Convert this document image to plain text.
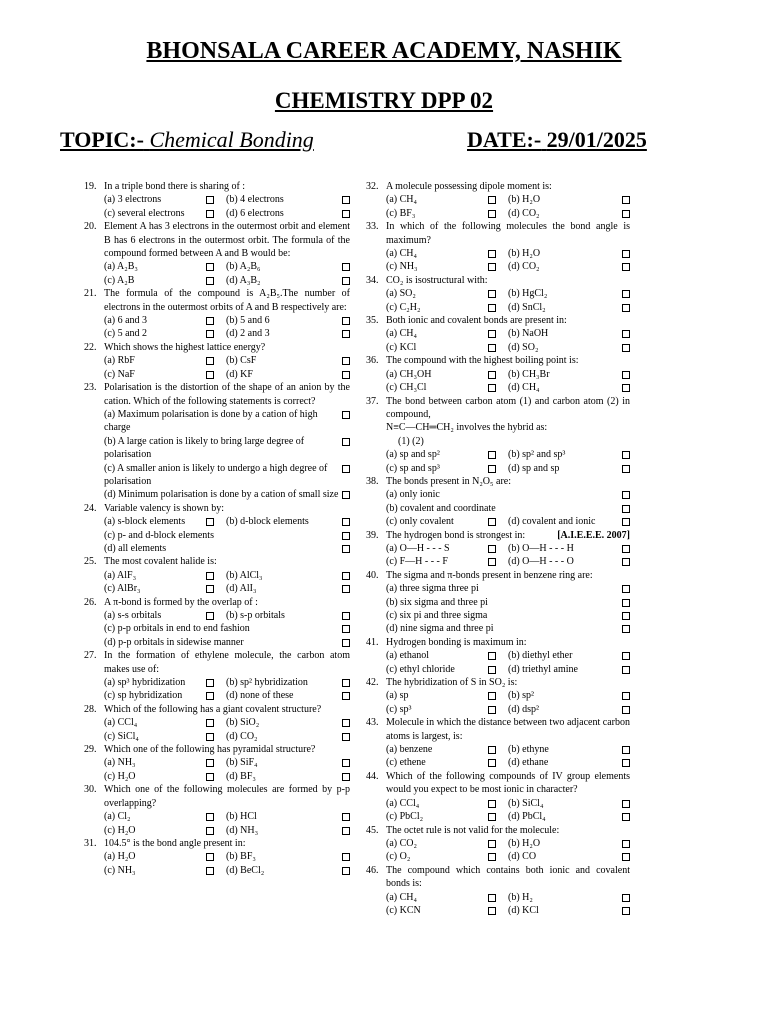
BHONSALA CAREER ACADEMY, NASHIK
CHEMISTRY DPP 02
TOPIC:- Chemical Bonding	DATE:- 29/01/2025
19. In a triple bond there is sharing of :
(a) 3 electrons	(b) 4 electrons
(c) several electrons	(d) 6 electrons
20. Element A has 3 electrons in the outermost orbit and element B has 6 electrons in the outermost orbit. The formula of the compound formed between A and B would be:
(a) A₂B₃	(b) A₂B₆
(c) A₂B	(d) A₃B₂
21. The formula of the compound is A₂B₅.The number of electrons in the outermost orbits of A and B respectively are:
(a) 6 and 3	(b) 5 and 6
(c) 5 and 2	(d) 2 and 3
22. Which shows the highest lattice energy?
(a) RbF	(b) CsF
(c) NaF	(d) KF
23. Polarisation is the distortion of the shape of an anion by the cation. Which of the following statements is correct?
(a) Maximum polarisation is done by a cation of high charge
(b) A large cation is likely to bring large degree of polarisation
(c) A smaller anion is likely to undergo a high degree of polarisation
(d) Minimum polarisation is done by a cation of small size
24. Variable valency is shown by:
(a) s-block elements	(b) d-block elements
(c) p- and d-block elements
(d) all elements
25. The most covalent halide is:
(a) AlF₃	(b) AlCl₃
(c) AlBr₃	(d) AlI₃
26. A π-bond is formed by the overlap of :
(a) s-s orbitals	(b) s-p orbitals
(c) p-p orbitals in end to end fashion
(d) p-p orbitals in sidewise manner
27. In the formation of ethylene molecule, the carbon atom makes use of:
(a) sp³ hybridization	(b) sp² hybridization
(c) sp hybridization	(d) none of these
28. Which of the following has a giant covalent structure?
(a) CCl₄	(b) SiO₂
(c) SiCl₄	(d) CO₂
29. Which one of the following has pyramidal structure?
(a) NH₃	(b) SiF₄
(c) H₂O	(d) BF₃
30. Which one of the following molecules are formed by p-p overlapping?
(a) Cl₂	(b) HCl
(c) H₂O	(d) NH₃
31. 104.5° is the bond angle present in:
(a) H₂O	(b) BF₃
(c) NH₃	(d) BeCl₂
32. A molecule possessing dipole moment is:
(a) CH₄	(b) H₂O
(c) BF₃	(d) CO₂
33. In which of the following molecules the bond angle is maximum?
(a) CH₄	(b) H₂O
(c) NH₃	(d) CO₂
34. CO₂ is isostructural with:
(a) SO₂	(b) HgCl₂
(c) C₂H₂	(d) SnCl₂
35. Both ionic and covalent bonds are present in:
(a) CH₄	(b) NaOH
(c) KCl	(d) SO₂
36. The compound with the highest boiling point is:
(a) CH₃OH	(b) CH₃Br
(c) CH₃Cl	(d) CH₄
37. The bond between carbon atom (1) and carbon atom (2) in compound,
N≡C—CH═CH₂ involves the hybrid as:
(1) (2)
(a) sp and sp²	(b) sp² and sp³
(c) sp and sp³	(d) sp and sp
38. The bonds present in N₂O₅ are:
(a) only ionic
(b) covalent and coordinate
(c) only covalent	(d) covalent and ionic
39. The hydrogen bond is strongest in:	[A.I.E.E.E. 2007]
(a) O—H - - - S	(b) O—H - - - H
(c) F—H - - - F	(d) O—H - - - O
40. The sigma and π-bonds present in benzene ring are:
(a) three sigma three pi
(b) six sigma and three pi
(c) six pi and three sigma
(d) nine sigma and three pi
41. Hydrogen bonding is maximum in:
(a) ethanol	(b) diethyl ether
(c) ethyl chloride	(d) triethyl amine
42. The hybridization of S in SO₂ is:
(a) sp	(b) sp²
(c) sp³	(d) dsp²
43. Molecule in which the distance between two adjacent carbon atoms is largest, is:
(a) benzene	(b) ethyne
(c) ethene	(d) ethane
44. Which of the following compounds of IV group elements would you expect to be most ionic in character?
(a) CCl₄	(b) SiCl₄
(c) PbCl₂	(d) PbCl₄
45. The octet rule is not valid for the molecule:
(a) CO₂	(b) H₂O
(c) O₂	(d) CO
46. The compound which contains both ionic and covalent bonds is:
(a) CH₄	(b) H₂
(c) KCN	(d) KCl
